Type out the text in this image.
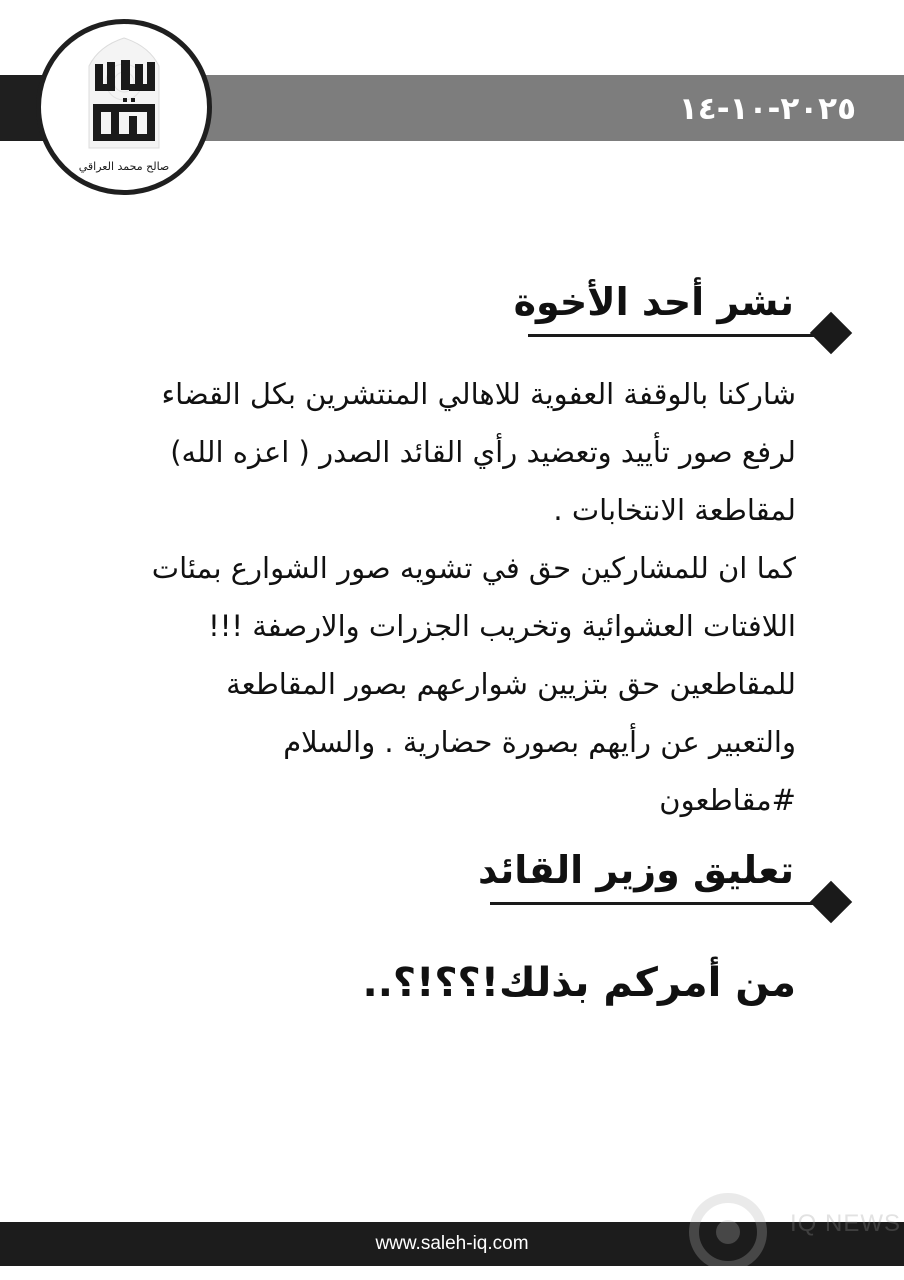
٢٠٢٥-١٠-١٤
صالح محمد العراقي
نشر أحد الأخوة
شاركنا بالوقفة العفوية للاهالي المنتشرين بكل القضاء
لرفع صور تأييد وتعضيد رأي القائد الصدر ( اعزه الله)
لمقاطعة الانتخابات .
كما ان للمشاركين حق في تشويه صور الشوارع بمئات
اللافتات العشوائية وتخريب الجزرات والارصفة !!!
للمقاطعين حق بتزيين شوارعهم بصور المقاطعة
والتعبير عن رأيهم بصورة حضارية . والسلام
#مقاطعون
تعليق وزير القائد
من أمركم بذلك!؟؟!؟..
www.saleh-iq.com
IQ NEWS
